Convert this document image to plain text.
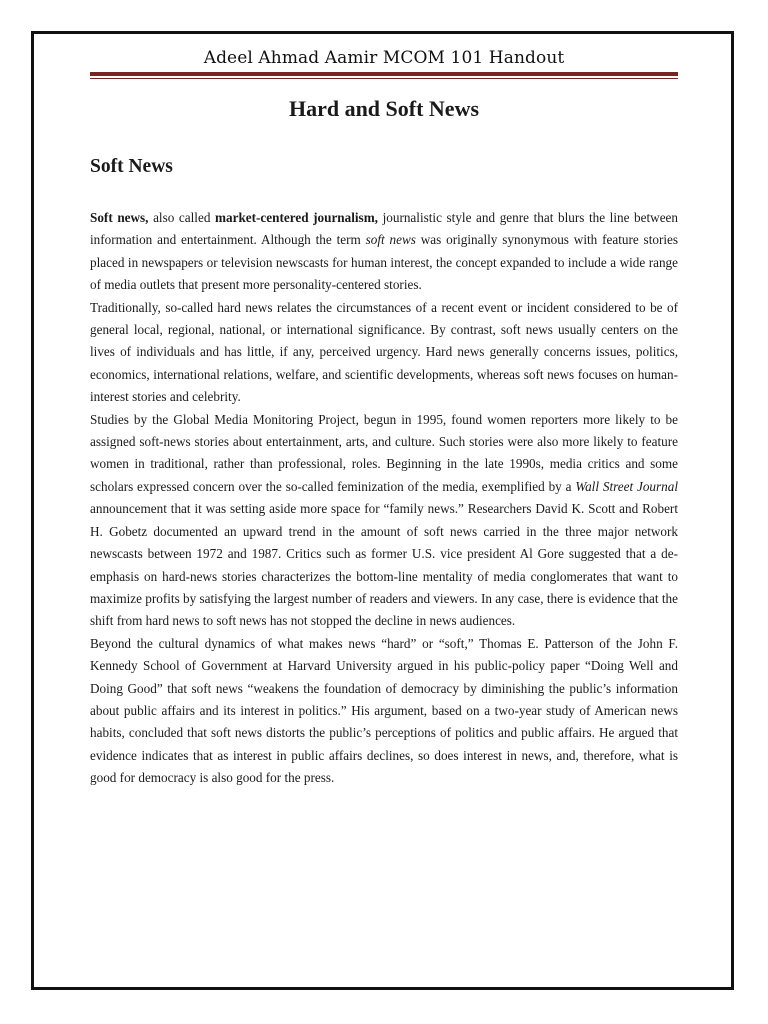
Adeel Ahmad Aamir MCOM 101 Handout
Hard and Soft News
Soft News

Soft news, also called market-centered journalism, journalistic style and genre that blurs the line between information and entertainment. Although the term soft news was originally synonymous with feature stories placed in newspapers or television newscasts for human interest, the concept expanded to include a wide range of media outlets that present more personality-centered stories.

Traditionally, so-called hard news relates the circumstances of a recent event or incident considered to be of general local, regional, national, or international significance. By contrast, soft news usually centers on the lives of individuals and has little, if any, perceived urgency. Hard news generally concerns issues, politics, economics, international relations, welfare, and scientific developments, whereas soft news focuses on human-interest stories and celebrity.

Studies by the Global Media Monitoring Project, begun in 1995, found women reporters more likely to be assigned soft-news stories about entertainment, arts, and culture. Such stories were also more likely to feature women in traditional, rather than professional, roles. Beginning in the late 1990s, media critics and some scholars expressed concern over the so-called feminization of the media, exemplified by a Wall Street Journal announcement that it was setting aside more space for “family news.” Researchers David K. Scott and Robert H. Gobetz documented an upward trend in the amount of soft news carried in the three major network newscasts between 1972 and 1987. Critics such as former U.S. vice president Al Gore suggested that a de-emphasis on hard-news stories characterizes the bottom-line mentality of media conglomerates that want to maximize profits by satisfying the largest number of readers and viewers. In any case, there is evidence that the shift from hard news to soft news has not stopped the decline in news audiences.

Beyond the cultural dynamics of what makes news “hard” or “soft,” Thomas E. Patterson of the John F. Kennedy School of Government at Harvard University argued in his public-policy paper “Doing Well and Doing Good” that soft news “weakens the foundation of democracy by diminishing the public’s information about public affairs and its interest in politics.” His argument, based on a two-year study of American news habits, concluded that soft news distorts the public’s perceptions of politics and public affairs. He argued that evidence indicates that as interest in public affairs declines, so does interest in news, and, therefore, what is good for democracy is also good for the press.
